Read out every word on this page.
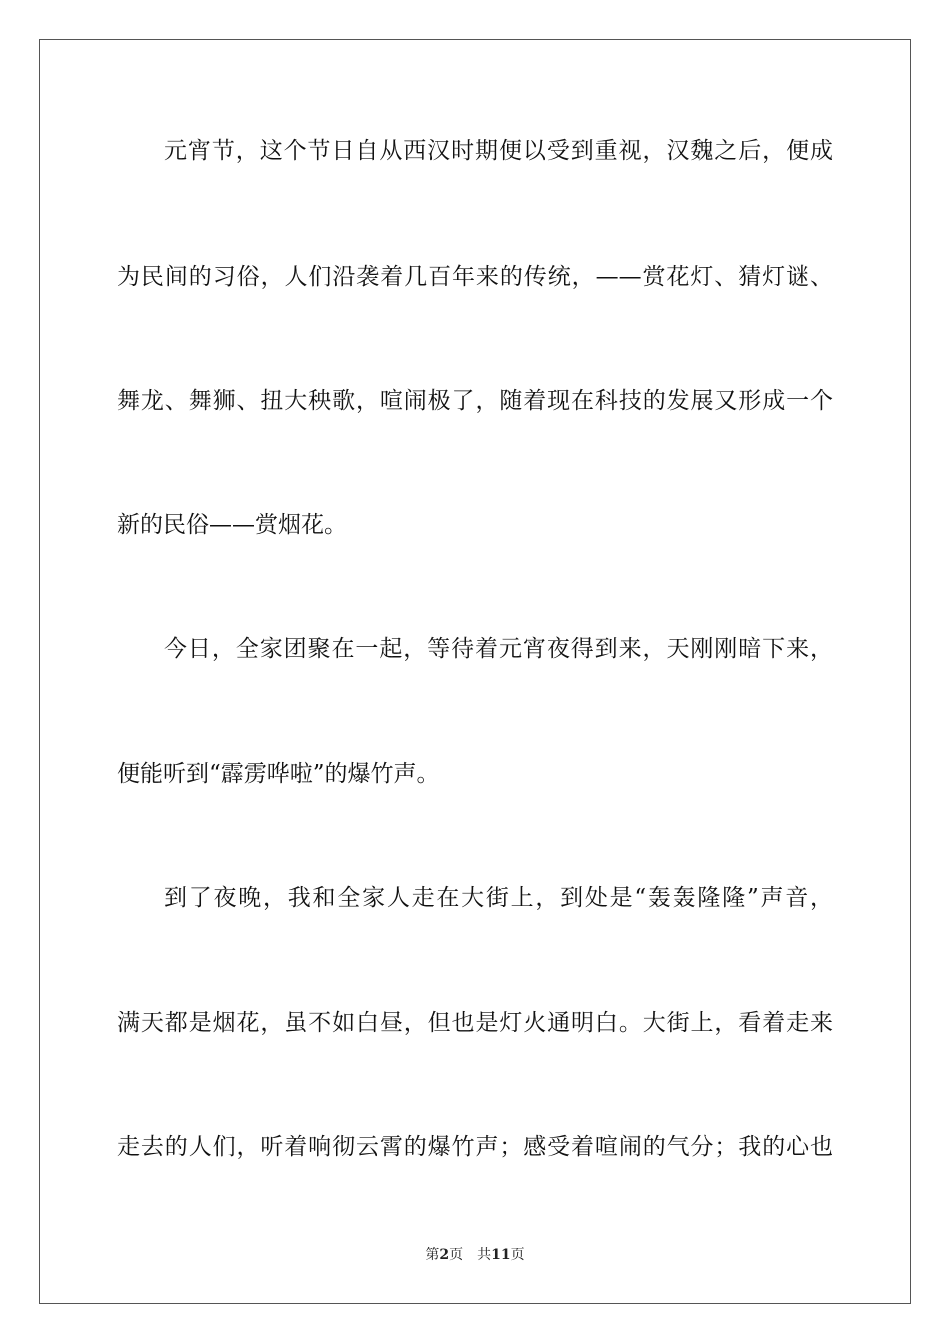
元宵节，这个节日自从西汉时期便以受到重视，汉魏之后，便成
为民间的习俗，人们沿袭着几百年来的传统，——赏花灯、猜灯谜、
舞龙、舞狮、扭大秧歌，喧闹极了，随着现在科技的发展又形成一个
新的民俗——赏烟花。
今日，全家团聚在一起，等待着元宵夜得到来，天刚刚暗下来，
便能听到“霹雳哗啦”的爆竹声。
到了夜晚，我和全家人走在大街上，到处是“轰轰隆隆”声音，
满天都是烟花，虽不如白昼，但也是灯火通明白。大街上，看着走来
走去的人们，听着响彻云霄的爆竹声；感受着喧闹的气分；我的心也
第2页 共11页
